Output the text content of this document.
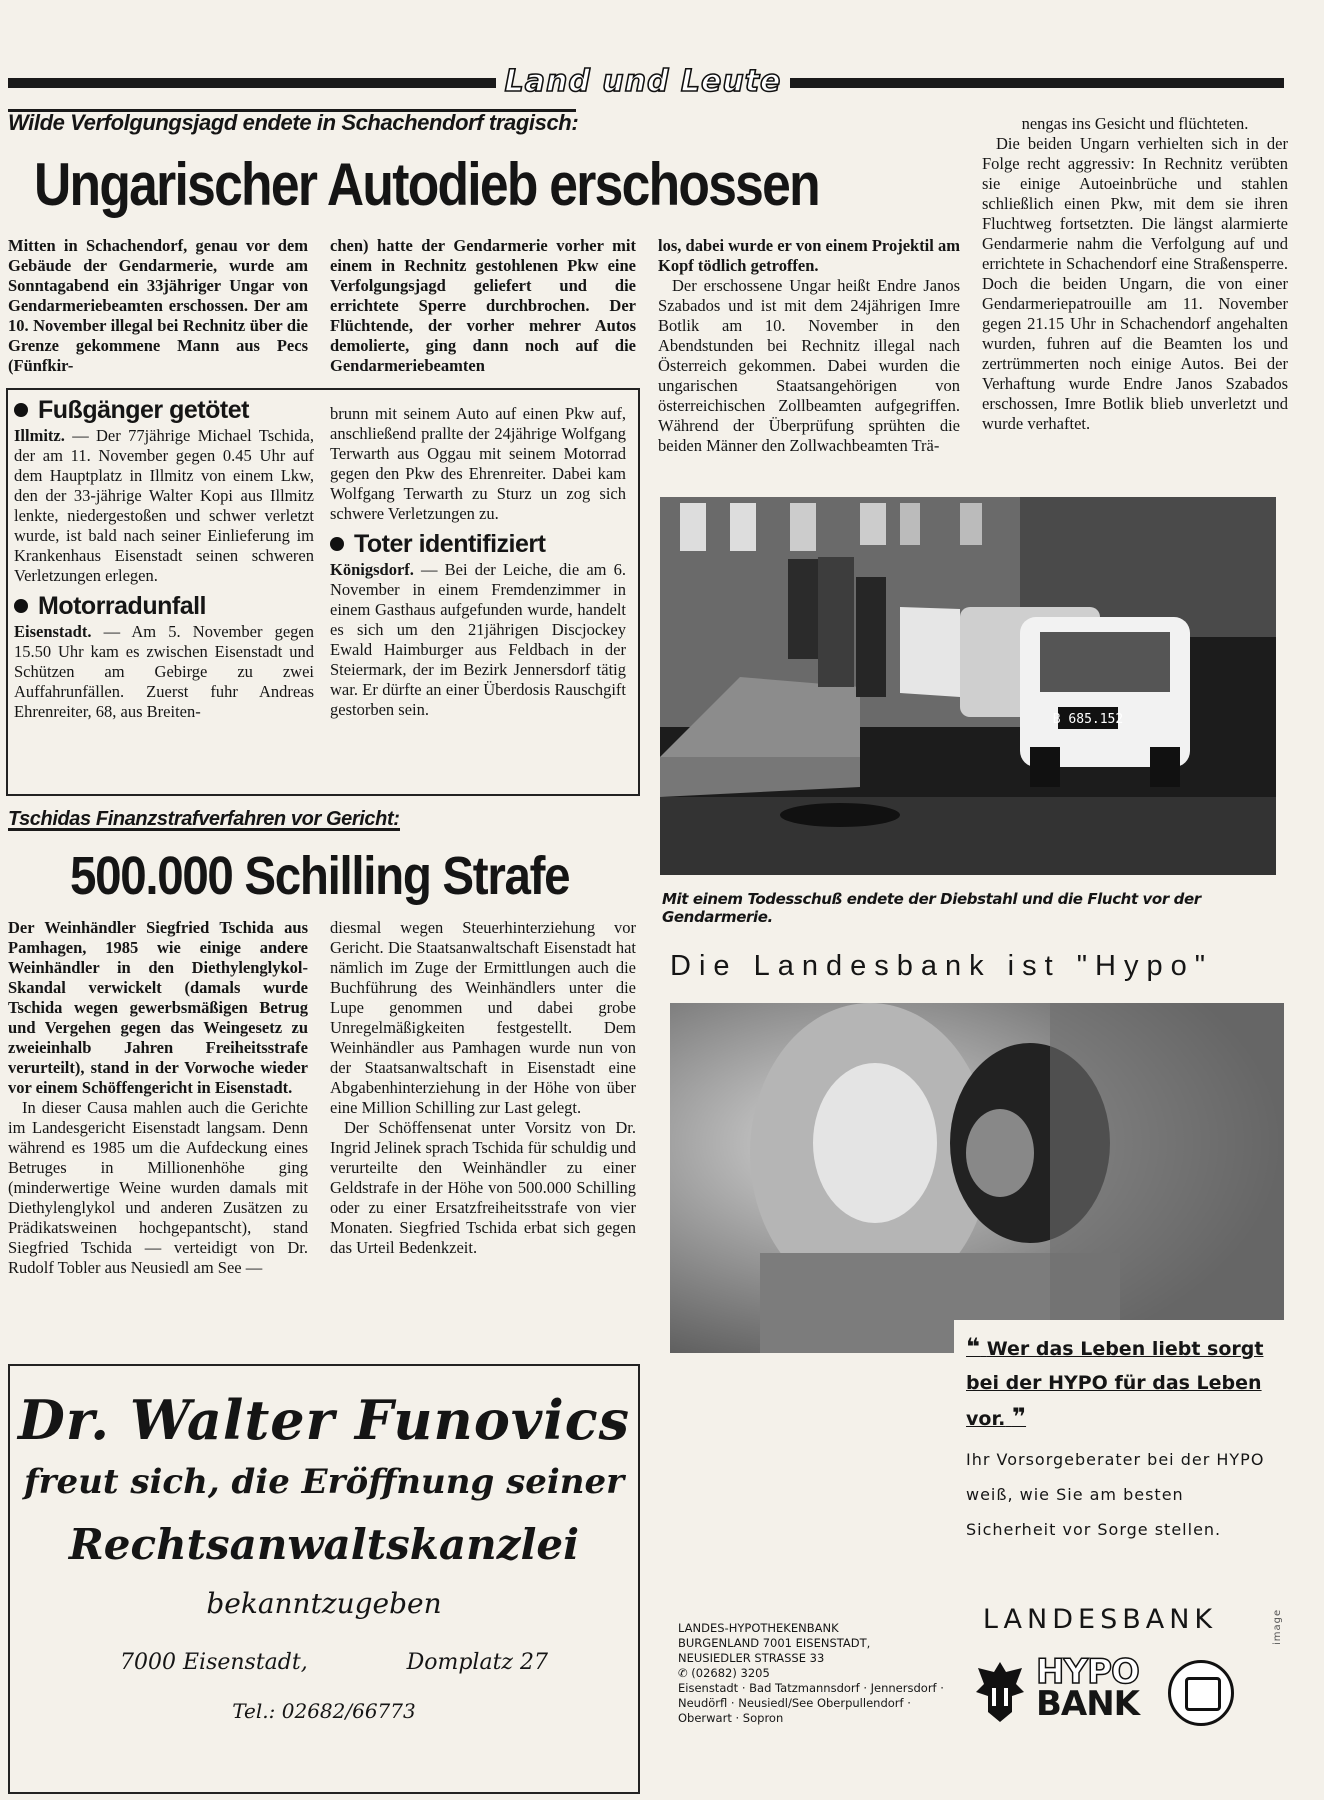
Land und Leute
Wilde Verfolgungsjagd endete in Schachendorf tragisch:
Ungarischer Autodieb erschossen

Mitten in Schachendorf, genau vor dem Gebäude der Gendarmerie, wurde am Sonntagabend ein 33jähriger Ungar von Gendarmeriebeamten erschossen. Der am 10. November illegal bei Rechnitz über die Grenze gekommene Mann aus Pecs (Fünfkir-

chen) hatte der Gendarmerie vorher mit einem in Rechnitz gestohlenen Pkw eine Verfolgungsjagd geliefert und die errichtete Sperre durchbrochen. Der Flüchtende, der vorher mehrer Autos demolierte, ging dann noch auf die Gendarmeriebeamten

los, dabei wurde er von einem Projektil am Kopf tödlich getroffen.

Der erschossene Ungar heißt Endre Janos Szabados und ist mit dem 24jährigen Imre Botlik am 10. November in den Abendstunden bei Rechnitz illegal nach Österreich gekommen. Dabei wurden die ungarischen Staatsangehörigen von österreichischen Zollbeamten aufgegriffen. Während der Überprüfung sprühten die beiden Männer den Zollwachbeamten Trä-

nengas ins Gesicht und flüchteten.

Die beiden Ungarn verhielten sich in der Folge recht aggressiv: In Rechnitz verübten sie einige Autoeinbrüche und stahlen schließlich einen Pkw, mit dem sie ihren Fluchtweg fortsetzten. Die längst alarmierte Gendarmerie nahm die Verfolgung auf und errichtete in Schachendorf eine Straßensperre. Doch die beiden Ungarn, die von einer Gendarmeriepatrouille am 11. November gegen 21.15 Uhr in Schachendorf angehalten wurden, fuhren auf die Beamten los und zertrümmerten noch einige Autos. Bei der Verhaftung wurde Endre Janos Szabados erschossen, Imre Botlik blieb unverletzt und wurde verhaftet.

Fußgänger getötet

Illmitz. — Der 77jährige Michael Tschida, der am 11. November gegen 0.45 Uhr auf dem Hauptplatz in Illmitz von einem Lkw, den der 33-jährige Walter Kopi aus Illmitz lenkte, niedergestoßen und schwer verletzt wurde, ist bald nach seiner Einlieferung im Krankenhaus Eisenstadt seinen schweren Verletzungen erlegen.

Motorradunfall

Eisenstadt. — Am 5. November gegen 15.50 Uhr kam es zwischen Eisenstadt und Schützen am Gebirge zu zwei Auffahrunfällen. Zuerst fuhr Andreas Ehrenreiter, 68, aus Breiten-

brunn mit seinem Auto auf einen Pkw auf, anschließend prallte der 24jährige Wolfgang Terwarth aus Oggau mit seinem Motorrad gegen den Pkw des Ehrenreiter. Dabei kam Wolfgang Terwarth zu Sturz un zog sich schwere Verletzungen zu.

Toter identifiziert

Königsdorf. — Bei der Leiche, die am 6. November in einem Fremdenzimmer in einem Gasthaus aufgefunden wurde, handelt es sich um den 21jährigen Discjockey Ewald Haimburger aus Feldbach in der Steiermark, der im Bezirk Jennersdorf tätig war. Er dürfte an einer Überdosis Rauschgift gestorben sein.

B 685.152
Mit einem Todesschuß endete der Diebstahl und die Flucht vor der Gendarmerie.
Tschidas Finanzstrafverfahren vor Gericht:
500.000 Schilling Strafe

Der Weinhändler Siegfried Tschida aus Pamhagen, 1985 wie einige andere Weinhändler in den Diethylenglykol-Skandal verwickelt (damals wurde Tschida wegen gewerbsmäßigen Betrug und Vergehen gegen das Weingesetz zu zweieinhalb Jahren Freiheitsstrafe verurteilt), stand in der Vorwoche wieder vor einem Schöffengericht in Eisenstadt.

In dieser Causa mahlen auch die Gerichte im Landesgericht Eisenstadt langsam. Denn während es 1985 um die Aufdeckung eines Betruges in Millionenhöhe ging (minderwertige Weine wurden damals mit Diethylenglykol und anderen Zusätzen zu Prädikatsweinen hochgepantscht), stand Siegfried Tschida — verteidigt von Dr. Rudolf Tobler aus Neusiedl am See —

diesmal wegen Steuerhinterziehung vor Gericht. Die Staatsanwaltschaft Eisenstadt hat nämlich im Zuge der Ermittlungen auch die Buchführung des Weinhändlers unter die Lupe genommen und dabei grobe Unregelmäßigkeiten festgestellt. Dem Weinhändler aus Pamhagen wurde nun von der Staatsanwaltschaft in Eisenstadt eine Abgabenhinterziehung in der Höhe von über eine Million Schilling zur Last gelegt.

Der Schöffensenat unter Vorsitz von Dr. Ingrid Jelinek sprach Tschida für schuldig und verurteilte den Weinhändler zu einer Geldstrafe in der Höhe von 500.000 Schilling oder zu einer Ersatzfreiheitsstrafe von vier Monaten. Siegfried Tschida erbat sich gegen das Urteil Bedenkzeit.

Dr. Walter Funovics
freut sich, die Eröffnung seiner
Rechtsanwaltskanzlei
bekanntzugeben
7000 Eisenstadt,	Domplatz 27
Tel.: 02682/66773
Die Landesbank ist "Hypo"
❝ Wer das Leben liebt sorgt bei der HYPO für das Leben vor. ❞
Ihr Vorsorgeberater bei der HYPO weiß, wie Sie am besten Sicherheit vor Sorge stellen.
LANDES-HYPOTHEKENBANK
BURGENLAND 7001 EISENSTADT,
NEUSIEDLER STRASSE 33
✆ (02682) 3205
Eisenstadt · Bad Tatzmannsdorf · Jennersdorf · Neudörfl · Neusiedl/See Oberpullendorf · Oberwart · Sopron
LANDESBANK
HYPO
BANK
image
